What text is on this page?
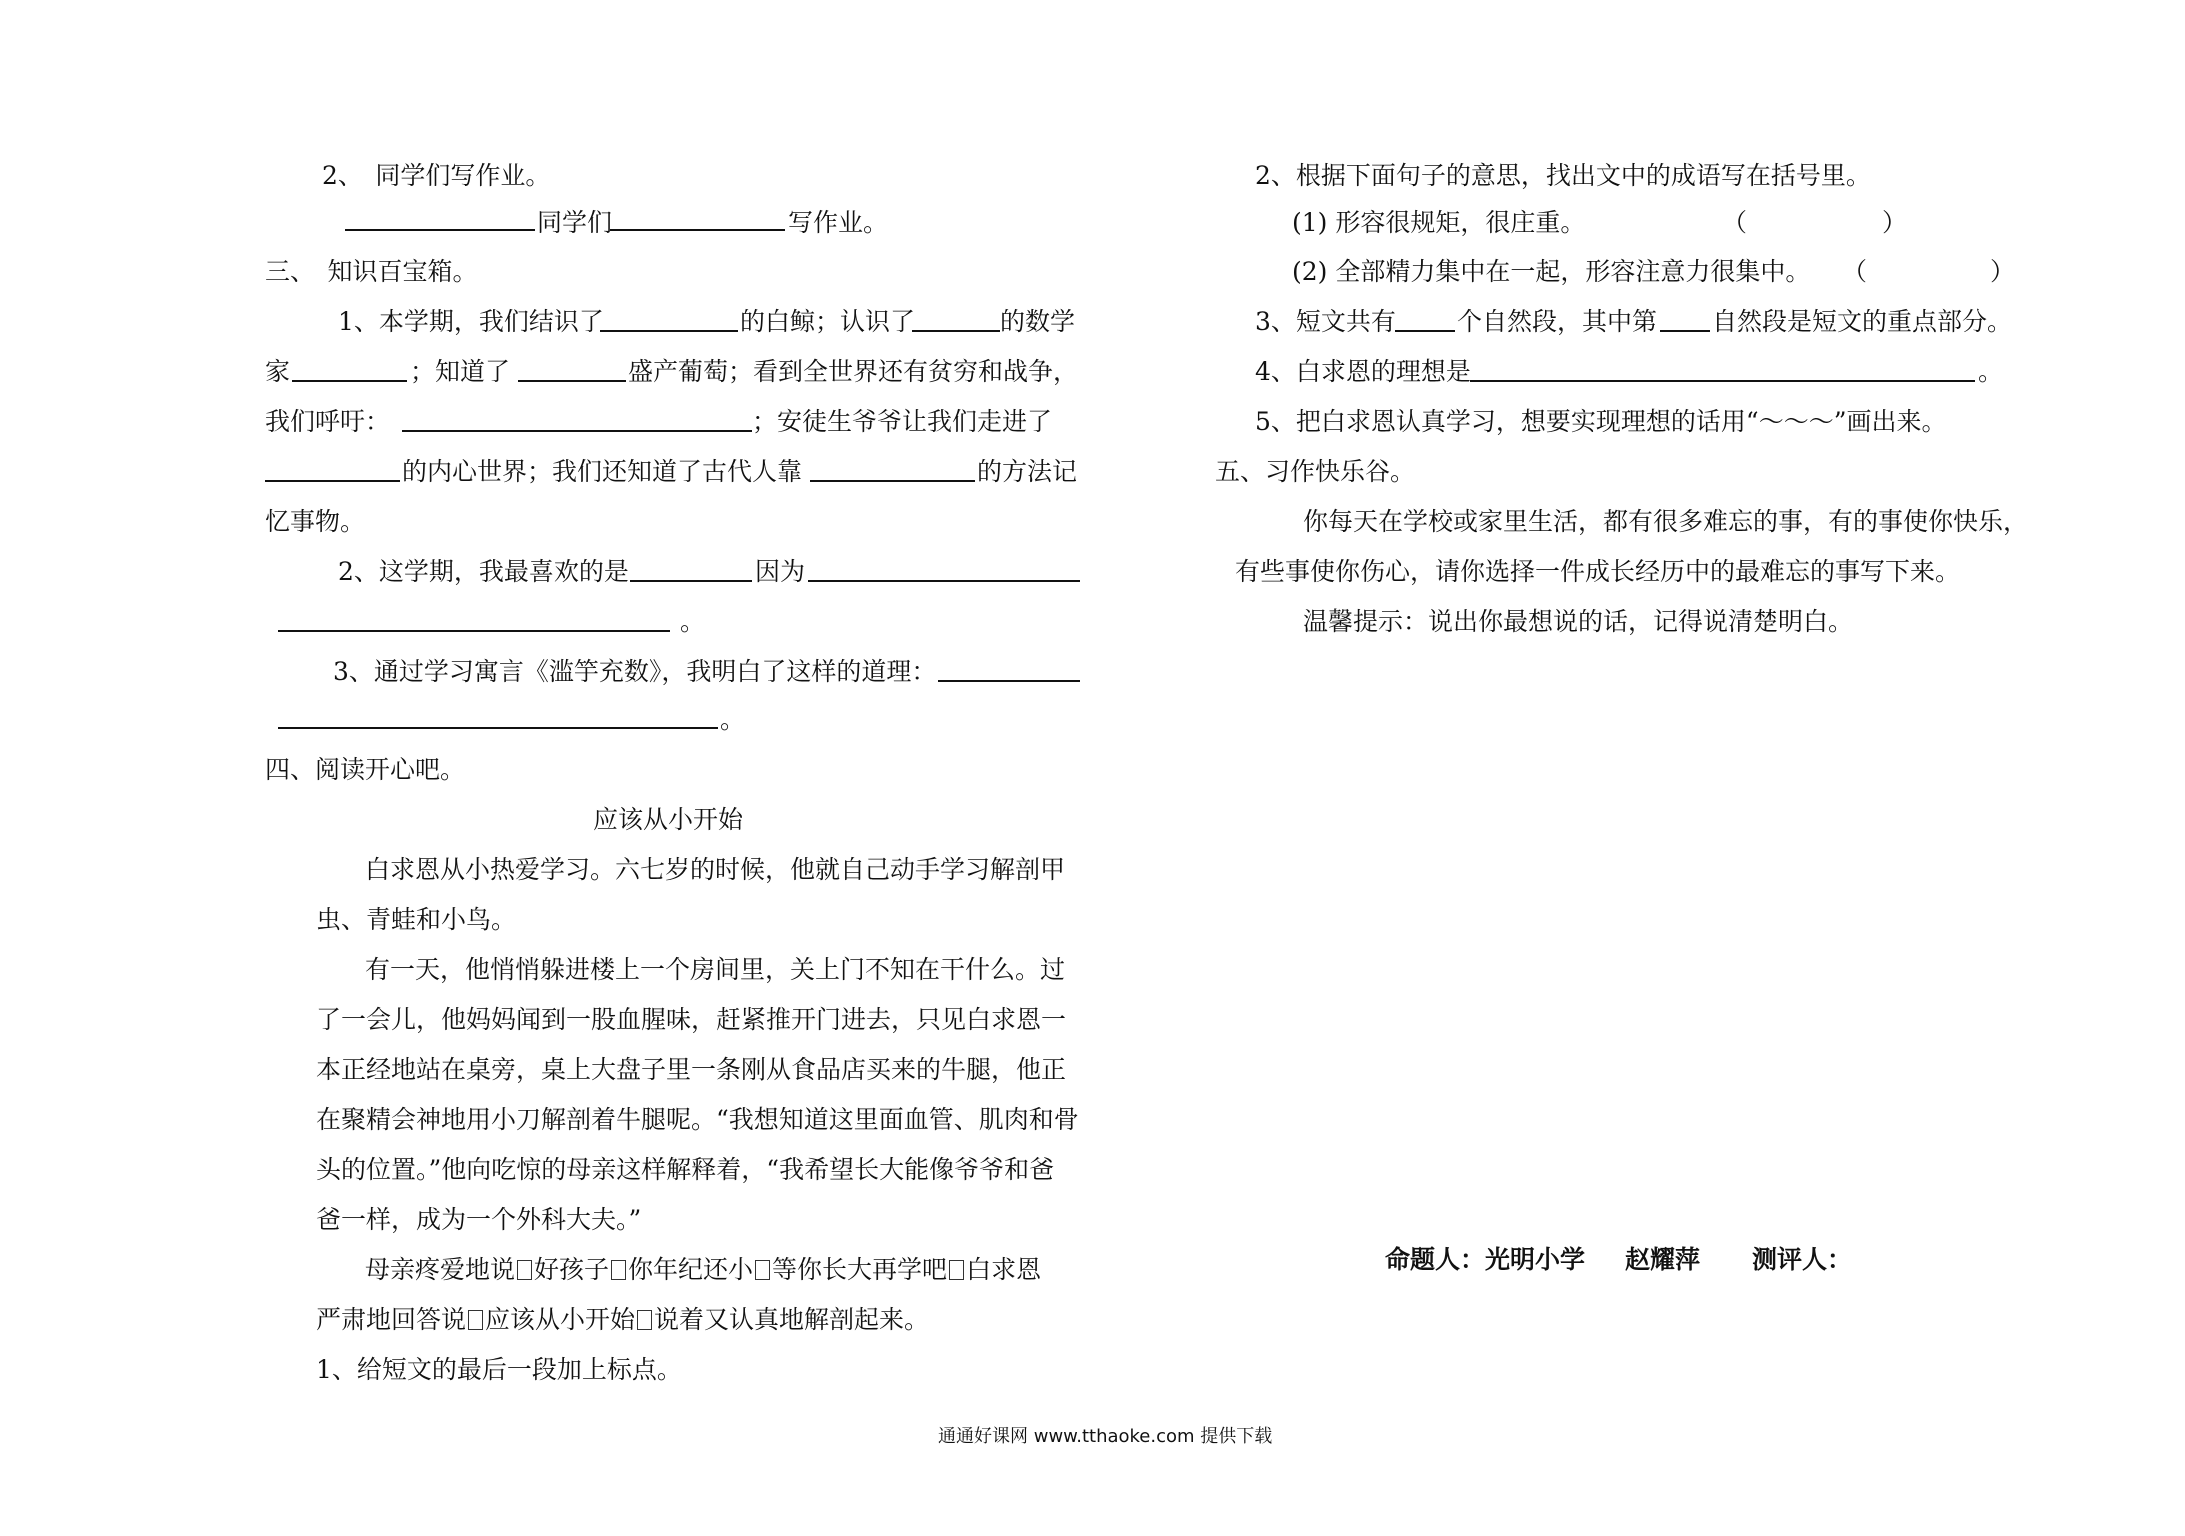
2、　同学们写作业。
同学们	写作业。
三、　知识百宝箱。
1、本学期，我们结识了	的白鲸；认识了	的数学
家	；知道了	盛产葡萄；看到全世界还有贫穷和战争，
我们呼吁：	；安徒生爷爷让我们走进了
的内心世界；我们还知道了古代人靠	的方法记
忆事物。
2、这学期，我最喜欢的是	因为
。
3、通过学习寓言《滥竽充数》，我明白了这样的道理：
。
四、阅读开心吧。
应该从小开始
白求恩从小热爱学习。六七岁的时候，他就自己动手学习解剖甲
虫、青蛙和小鸟。
有一天，他悄悄躲进楼上一个房间里，关上门不知在干什么。过
了一会儿，他妈妈闻到一股血腥味，赶紧推开门进去，只见白求恩一
本正经地站在桌旁，桌上大盘子里一条刚从食品店买来的牛腿，他正
在聚精会神地用小刀解剖着牛腿呢。“我想知道这里面血管、肌肉和骨
头的位置。”他向吃惊的母亲这样解释着，“我希望长大能像爷爷和爸
爸一样，成为一个外科大夫。”
母亲疼爱地说 好孩子 你年纪还小 等你长大再学吧 白求恩
严肃地回答说 应该从小开始 说着又认真地解剖起来。
1、给短文的最后一段加上标点。
2、根据下面句子的意思，找出文中的成语写在括号里。
(1) 形容很规矩，很庄重。	（	）
(2) 全部精力集中在一起，形容注意力很集中。 （	）
3、短文共有 个自然段，其中第 自然段是短文的重点部分。
4、白求恩的理想是	。
5、把白求恩认真学习，想要实现理想的话用“～～～”画出来。
五、习作快乐谷。
你每天在学校或家里生活，都有很多难忘的事，有的事使你快乐，
有些事使你伤心，请你选择一件成长经历中的最难忘的事写下来。
温馨提示：说出你最想说的话，记得说清楚明白。
命题人：光明小学 赵耀萍 测评人：
通通好课网 www.tthaoke.com 提供下载
